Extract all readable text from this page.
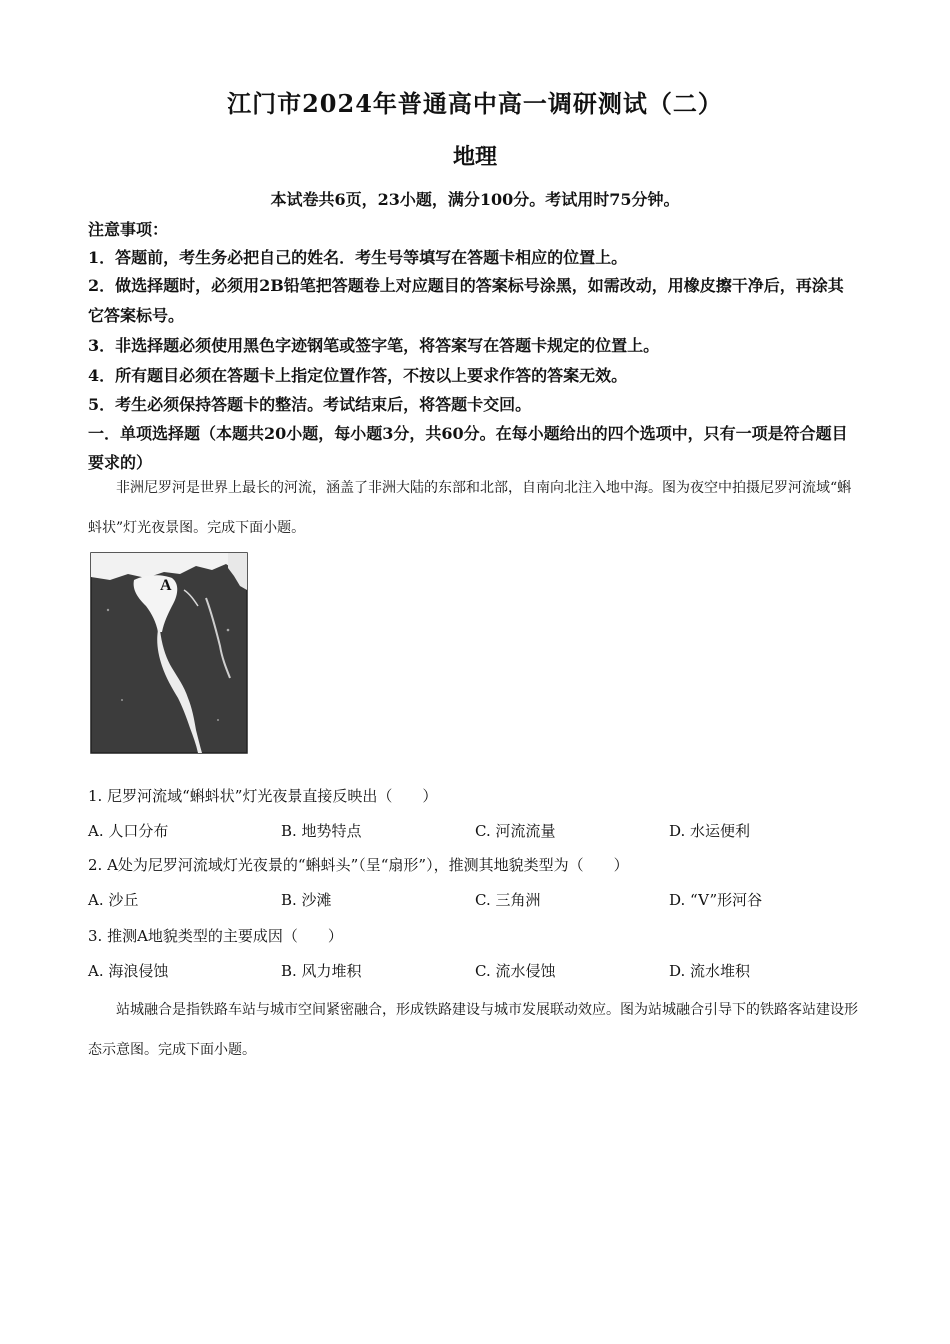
江门市2024年普通高中高一调研测试（二）
地理
本试卷共6页，23小题，满分100分。考试用时75分钟。
注意事项：
1．答题前，考生务必把自己的姓名．考生号等填写在答题卡相应的位置上。
2．做选择题时，必须用2B铅笔把答题卷上对应题目的答案标号涂黑，如需改动，用橡皮擦干净后，再涂其它答案标号。
3．非选择题必须使用黑色字迹钢笔或签字笔，将答案写在答题卡规定的位置上。
4．所有题目必须在答题卡上指定位置作答，不按以上要求作答的答案无效。
5．考生必须保持答题卡的整洁。考试结束后，将答题卡交回。
一．单项选择题（本题共20小题，每小题3分，共60分。在每小题给出的四个选项中，只有一项是符合题目要求的）
非洲尼罗河是世界上最长的河流，涵盖了非洲大陆的东部和北部，自南向北注入地中海。图为夜空中拍摄尼罗河流域“蝌蚪状”灯光夜景图。完成下面小题。
A
1. 尼罗河流域“蝌蚪状”灯光夜景直接反映出（　　）
A. 人口分布	B. 地势特点	C. 河流流量	D. 水运便利
2. A处为尼罗河流域灯光夜景的“蝌蚪头”（呈“扇形”），推测其地貌类型为（　　）
A. 沙丘	B. 沙滩	C. 三角洲	D. “V”形河谷
3. 推测A地貌类型的主要成因（　　）
A. 海浪侵蚀	B. 风力堆积	C. 流水侵蚀	D. 流水堆积
站城融合是指铁路车站与城市空间紧密融合，形成铁路建设与城市发展联动效应。图为站城融合引导下的铁路客站建设形态示意图。完成下面小题。
